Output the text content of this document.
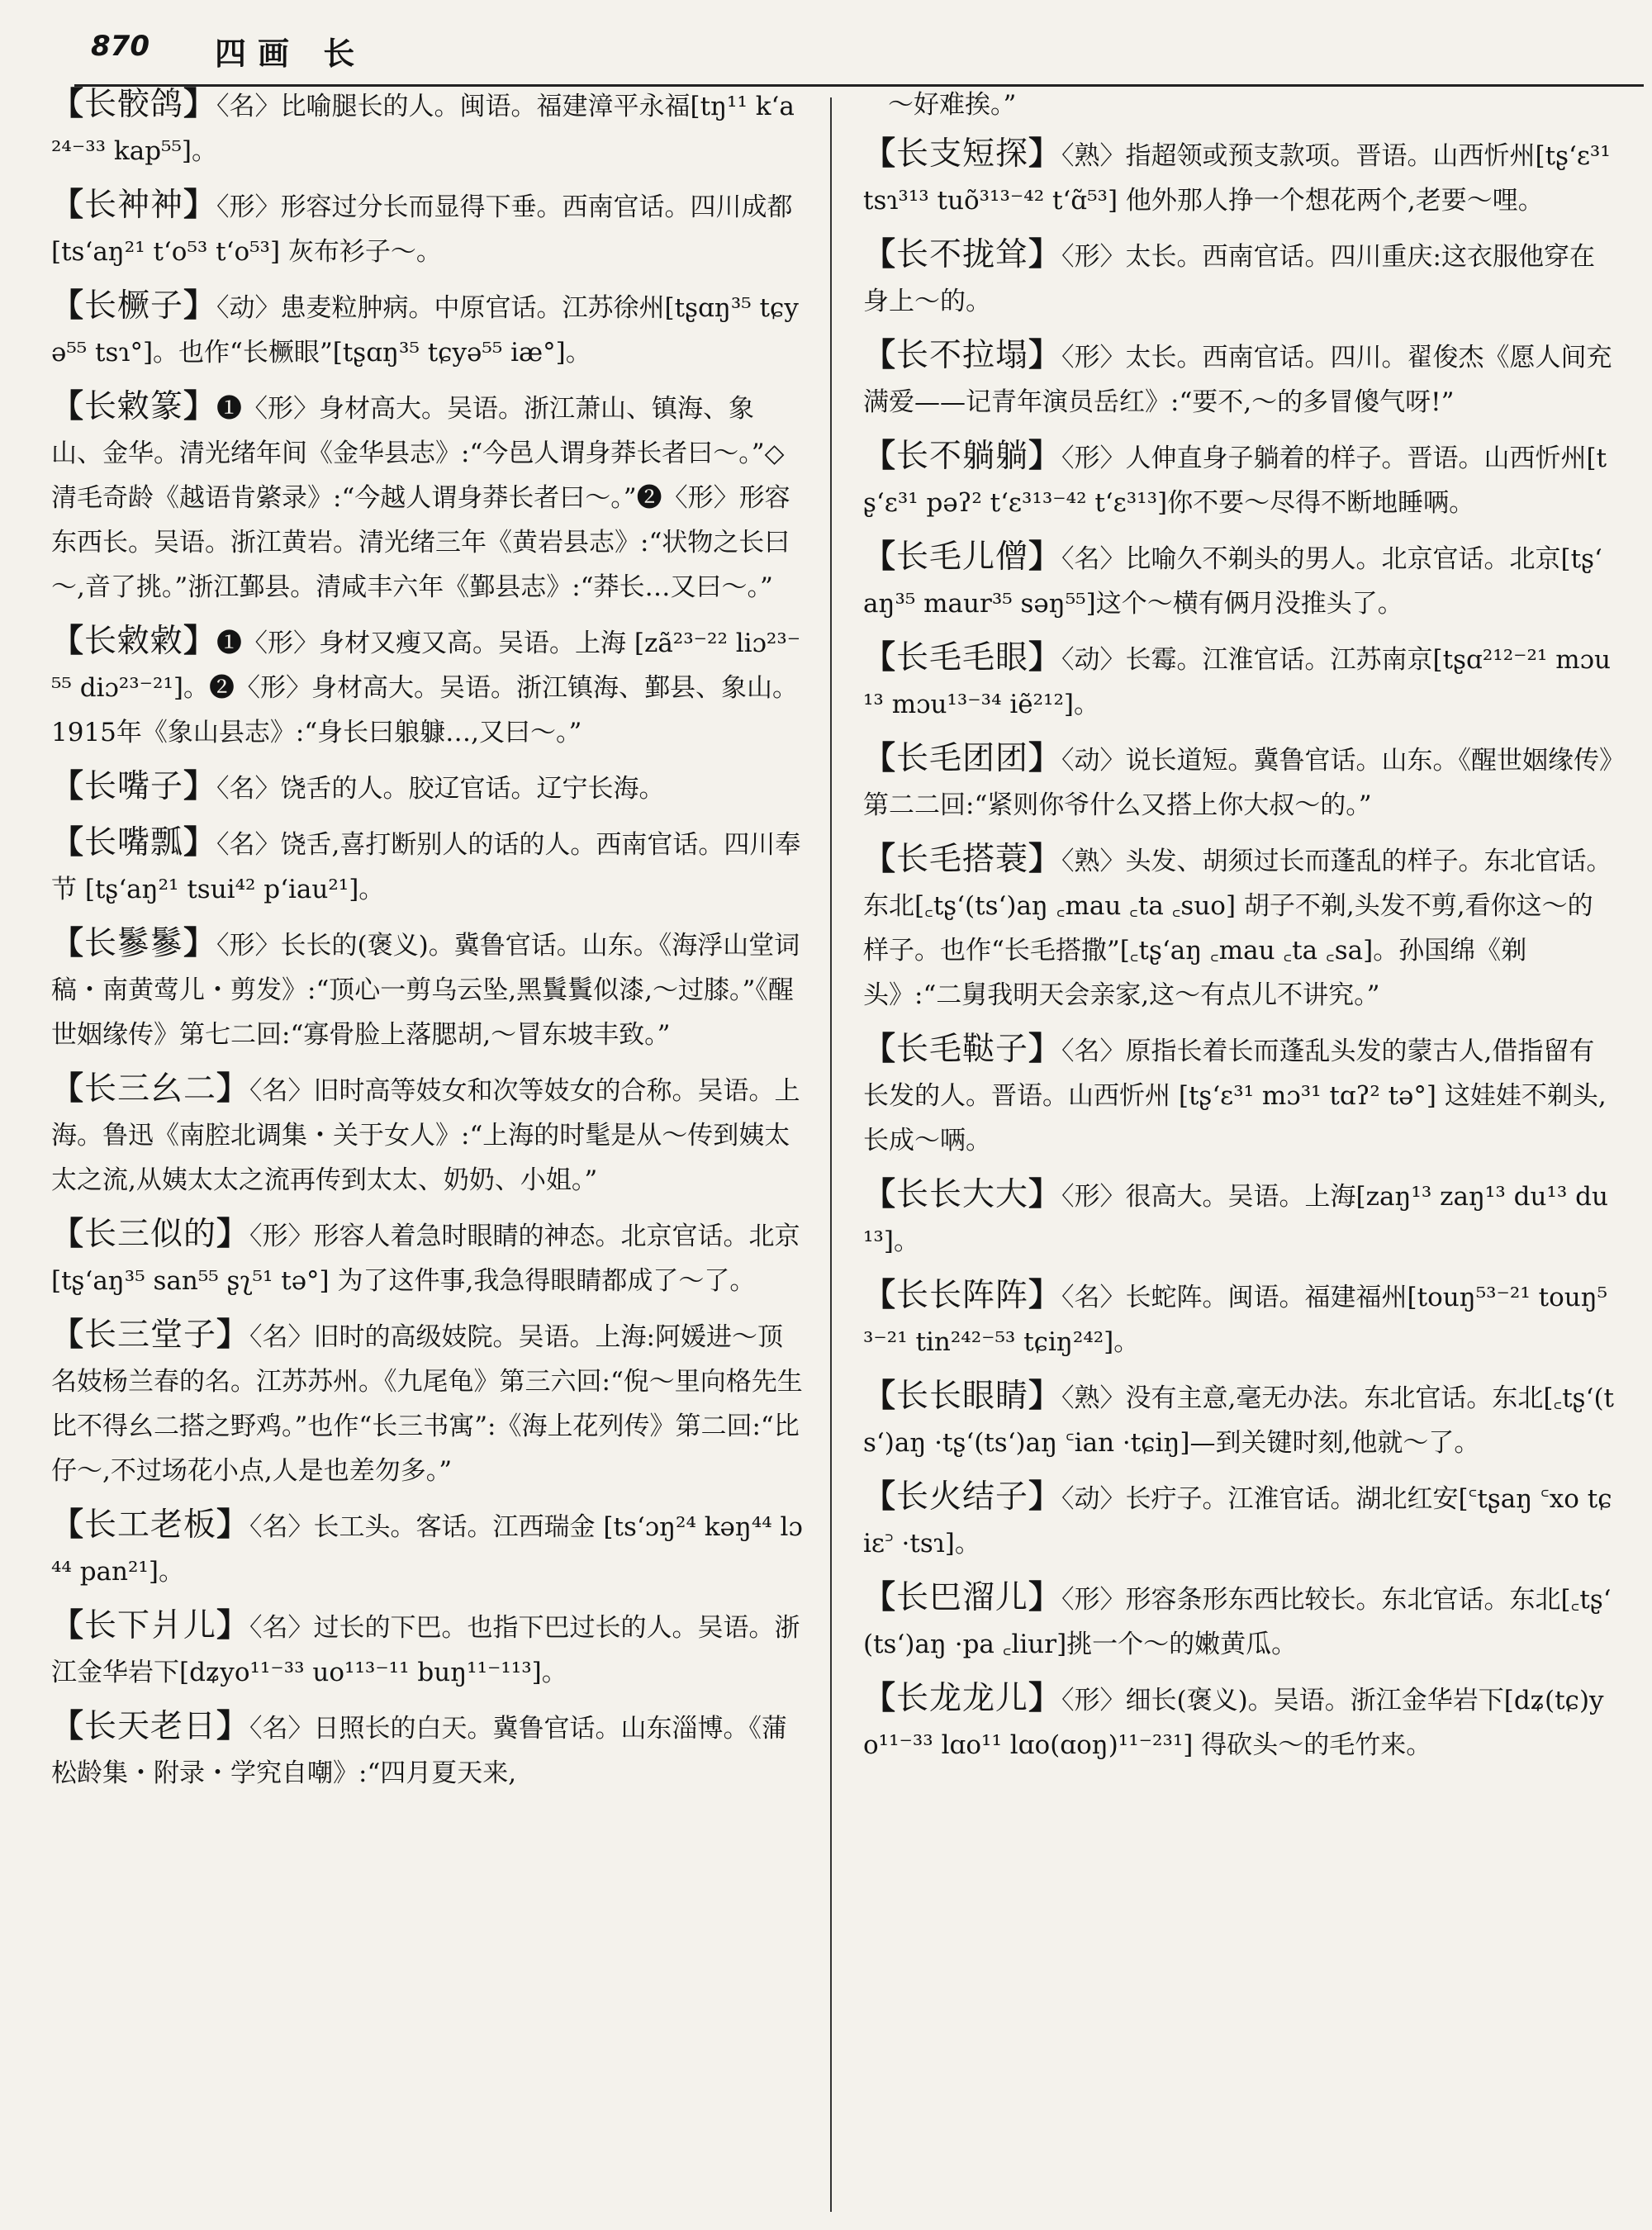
870 四画 长

【长骹鸽】〈名〉比喻腿长的人。闽语。福建漳平永福[tŋ¹¹ kʻa²⁴⁻³³ kap⁵⁵]。

【长衶衶】〈形〉形容过分长而显得下垂。西南官话。四川成都[tsʻaŋ²¹ tʻo⁵³ tʻo⁵³] 灰布衫子～。

【长橛子】〈动〉患麦粒肿病。中原官话。江苏徐州[tʂɑŋ³⁵ tɕyə⁵⁵ tsɿ°]。也作“长橛眼”[tʂɑŋ³⁵ tɕyə⁵⁵ iæ°]。

【长敹篆】❶〈形〉身材高大。吴语。浙江萧山、镇海、象山、金华。清光绪年间《金华县志》:“今邑人谓身莽长者曰～。”◇清毛奇龄《越语肯綮录》:“今越人谓身莽长者曰～。”❷〈形〉形容东西长。吴语。浙江黄岩。清光绪三年《黄岩县志》:“状物之长曰～,音了挑。”浙江鄞县。清咸丰六年《鄞县志》:“莽长…又曰～。”

【长敹敹】❶〈形〉身材又瘦又高。吴语。上海 [zã²³⁻²² liɔ²³⁻⁵⁵ diɔ²³⁻²¹]。❷〈形〉身材高大。吴语。浙江镇海、鄞县、象山。1915年《象山县志》:“身长曰躴躿…,又曰～。”

【长嘴子】〈名〉饶舌的人。胶辽官话。辽宁长海。

【长嘴瓢】〈名〉饶舌,喜打断别人的话的人。西南官话。四川奉节 [tʂʻaŋ²¹ tsui⁴² pʻiau²¹]。

【长鬖鬖】〈形〉长长的(褒义)。冀鲁官话。山东。《海浮山堂词稿・南黄莺儿・剪发》:“顶心一剪乌云坠,黑鬒鬒似漆,～过膝。”《醒世姻缘传》第七二回:“寡骨脸上落腮胡,～冒东坡丰致。”

【长三幺二】〈名〉旧时高等妓女和次等妓女的合称。吴语。上海。鲁迅《南腔北调集・关于女人》:“上海的时髦是从～传到姨太太之流,从姨太太之流再传到太太、奶奶、小姐。”

【长三似的】〈形〉形容人着急时眼睛的神态。北京官话。北京 [tʂʻaŋ³⁵ san⁵⁵ ʂʅ⁵¹ tə°] 为了这件事,我急得眼睛都成了～了。

【长三堂子】〈名〉旧时的高级妓院。吴语。上海:阿媛进～顶名妓杨兰春的名。江苏苏州。《九尾龟》第三六回:“倪～里向格先生比不得幺二搭之野鸡。”也作“长三书寓”:《海上花列传》第二回:“比仔～,不过场花小点,人是也差勿多。”

【长工老板】〈名〉长工头。客话。江西瑞金 [tsʻɔŋ²⁴ kəŋ⁴⁴ lɔ⁴⁴ pan²¹]。

【长下爿儿】〈名〉过长的下巴。也指下巴过长的人。吴语。浙江金华岩下[dʑyo¹¹⁻³³ uo¹¹³⁻¹¹ buŋ¹¹⁻¹¹³]。

【长天老日】〈名〉日照长的白天。冀鲁官话。山东淄博。《蒲松龄集・附录・学究自嘲》:“四月夏天来,

～好难挨。”

【长支短探】〈熟〉指超领或预支款项。晋语。山西忻州[tʂʻɛ³¹ tsɿ³¹³ tuõ³¹³⁻⁴² tʻɑ̃⁵³] 他外那人挣一个想花两个,老要～哩。

【长不拢耸】〈形〉太长。西南官话。四川重庆:这衣服他穿在身上～的。

【长不拉塌】〈形〉太长。西南官话。四川。翟俊杰《愿人间充满爱——记青年演员岳红》:“要不,～的多冒傻气呀!”

【长不躺躺】〈形〉人伸直身子躺着的样子。晋语。山西忻州[tʂʻɛ³¹ pəʔ² tʻɛ³¹³⁻⁴² tʻɛ³¹³]你不要～尽得不断地睡唡。

【长毛儿僧】〈名〉比喻久不剃头的男人。北京官话。北京[tʂʻaŋ³⁵ maur³⁵ səŋ⁵⁵]这个～横有俩月没推头了。

【长毛毛眼】〈动〉长霉。江淮官话。江苏南京[tʂɑ²¹²⁻²¹ mɔu¹³ mɔu¹³⁻³⁴ iẽ²¹²]。

【长毛团团】〈动〉说长道短。冀鲁官话。山东。《醒世姻缘传》第二二回:“紧则你爷什么又搭上你大叔～的。”

【长毛搭蓑】〈熟〉头发、胡须过长而蓬乱的样子。东北官话。东北[꜀tʂʻ(tsʻ)aŋ ꜀mau ꜀ta ꜀suo] 胡子不剃,头发不剪,看你这～的样子。也作“长毛搭撒”[꜀tʂʻaŋ ꜀mau ꜀ta ꜀sa]。孙国绵《剃头》:“二舅我明天会亲家,这～有点儿不讲究。”

【长毛鞑子】〈名〉原指长着长而蓬乱头发的蒙古人,借指留有长发的人。晋语。山西忻州 [tʂʻɛ³¹ mɔ³¹ tɑʔ² tə°] 这娃娃不剃头,长成～唡。

【长长大大】〈形〉很高大。吴语。上海[zaŋ¹³ zaŋ¹³ du¹³ du¹³]。

【长长阵阵】〈名〉长蛇阵。闽语。福建福州[touŋ⁵³⁻²¹ touŋ⁵³⁻²¹ tin²⁴²⁻⁵³ tɕiŋ²⁴²]。

【长长眼睛】〈熟〉没有主意,毫无办法。东北官话。东北[꜀tʂʻ(tsʻ)aŋ ·tʂʻ(tsʻ)aŋ ꜂ian ·tɕiŋ]—到关键时刻,他就～了。

【长火结子】〈动〉长疔子。江淮官话。湖北红安[꜂tʂaŋ ꜂xo tɕiɛ꜄ ·tsɿ]。

【长巴溜儿】〈形〉形容条形东西比较长。东北官话。东北[꜀tʂʻ(tsʻ)aŋ ·pa ꜀liur]挑一个～的嫩黄瓜。

【长龙龙儿】〈形〉细长(褒义)。吴语。浙江金华岩下[dʑ(tɕ)yo¹¹⁻³³ lɑo¹¹ lɑo(ɑoŋ)¹¹⁻²³¹] 得砍头～的毛竹来。
